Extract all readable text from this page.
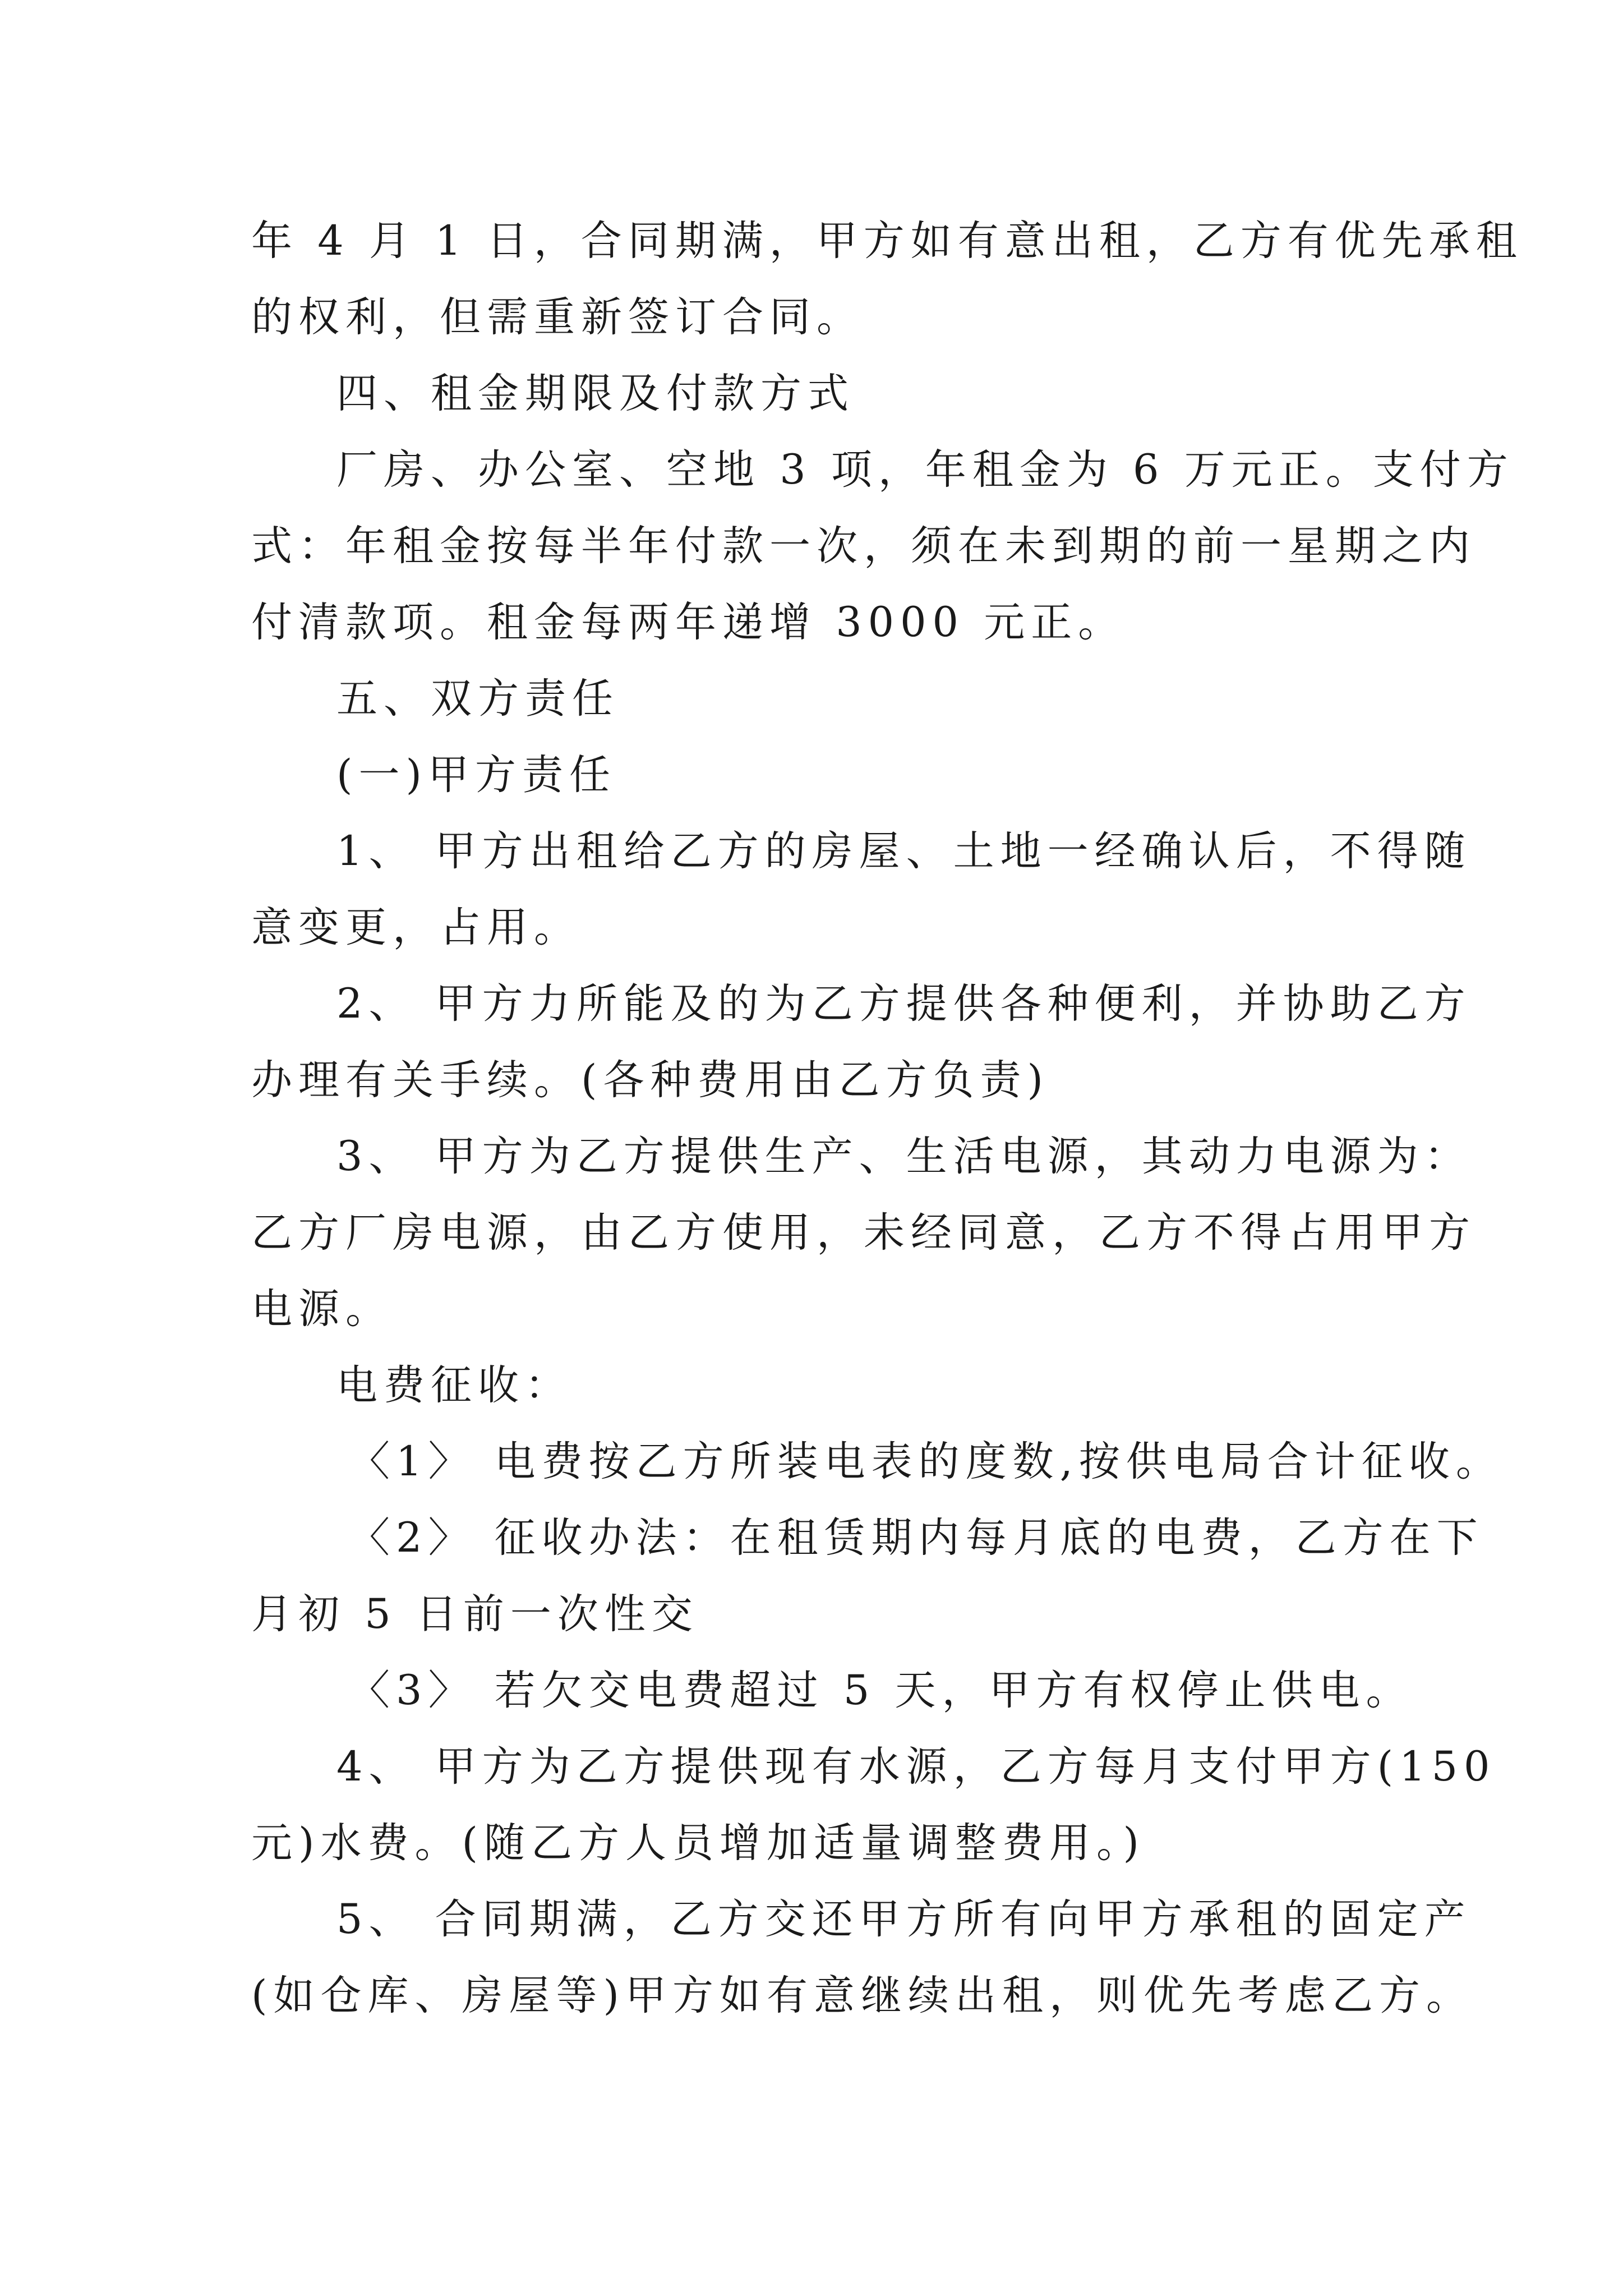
年 4 月 1 日，合同期满，甲方如有意出租，乙方有优先承租
的权利，但需重新签订合同。
四、租金期限及付款方式
厂房、办公室、空地 3 项，年租金为 6 万元正。支付方
式：年租金按每半年付款一次，须在未到期的前一星期之内
付清款项。租金每两年递增 3000 元正。
五、双方责任
(一)甲方责任
1、 甲方出租给乙方的房屋、土地一经确认后，不得随
意变更，占用。
2、 甲方力所能及的为乙方提供各种便利，并协助乙方
办理有关手续。(各种费用由乙方负责)
3、 甲方为乙方提供生产、生活电源，其动力电源为：
乙方厂房电源，由乙方使用，未经同意，乙方不得占用甲方
电源。
电费征收：
〈1〉 电费按乙方所装电表的度数,按供电局合计征收。
〈2〉 征收办法：在租赁期内每月底的电费，乙方在下
月初 5 日前一次性交
〈3〉 若欠交电费超过 5 天，甲方有权停止供电。
4、 甲方为乙方提供现有水源，乙方每月支付甲方(150
元)水费。(随乙方人员增加适量调整费用。)
5、 合同期满，乙方交还甲方所有向甲方承租的固定产
(如仓库、房屋等)甲方如有意继续出租，则优先考虑乙方。
